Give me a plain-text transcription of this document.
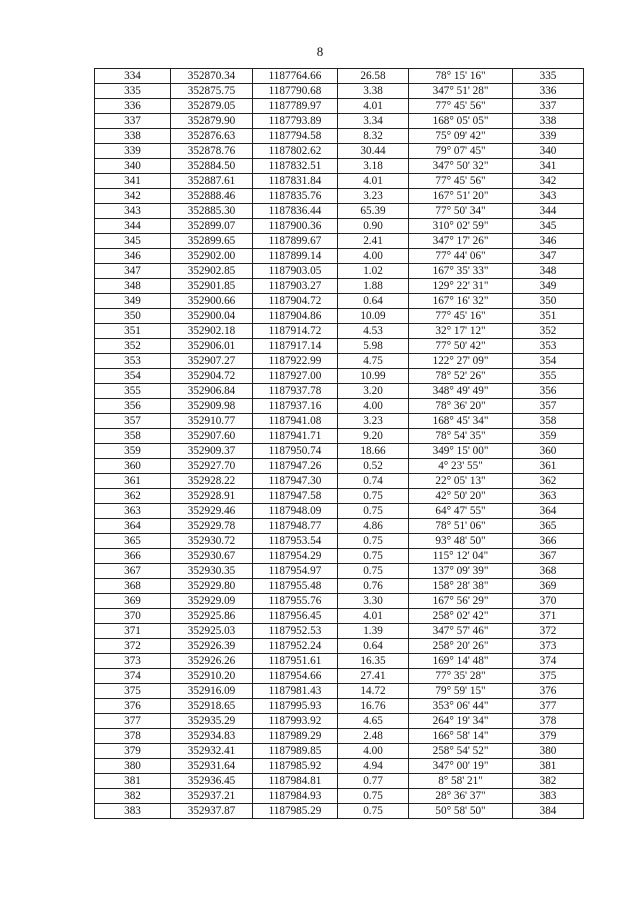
8
334	352870.34	1187764.66	26.58	78° 15' 16"	335
335	352875.75	1187790.68	3.38	347° 51' 28"	336
336	352879.05	1187789.97	4.01	77° 45' 56"	337
337	352879.90	1187793.89	3.34	168° 05' 05"	338
338	352876.63	1187794.58	8.32	75° 09' 42"	339
339	352878.76	1187802.62	30.44	79° 07' 45"	340
340	352884.50	1187832.51	3.18	347° 50' 32"	341
341	352887.61	1187831.84	4.01	77° 45' 56"	342
342	352888.46	1187835.76	3.23	167° 51' 20"	343
343	352885.30	1187836.44	65.39	77° 50' 34"	344
344	352899.07	1187900.36	0.90	310° 02' 59"	345
345	352899.65	1187899.67	2.41	347° 17' 26"	346
346	352902.00	1187899.14	4.00	77° 44' 06"	347
347	352902.85	1187903.05	1.02	167° 35' 33"	348
348	352901.85	1187903.27	1.88	129° 22' 31"	349
349	352900.66	1187904.72	0.64	167° 16' 32"	350
350	352900.04	1187904.86	10.09	77° 45' 16"	351
351	352902.18	1187914.72	4.53	32° 17' 12"	352
352	352906.01	1187917.14	5.98	77° 50' 42"	353
353	352907.27	1187922.99	4.75	122° 27' 09"	354
354	352904.72	1187927.00	10.99	78° 52' 26"	355
355	352906.84	1187937.78	3.20	348° 49' 49"	356
356	352909.98	1187937.16	4.00	78° 36' 20"	357
357	352910.77	1187941.08	3.23	168° 45' 34"	358
358	352907.60	1187941.71	9.20	78° 54' 35"	359
359	352909.37	1187950.74	18.66	349° 15' 00"	360
360	352927.70	1187947.26	0.52	4° 23' 55"	361
361	352928.22	1187947.30	0.74	22° 05' 13"	362
362	352928.91	1187947.58	0.75	42° 50' 20"	363
363	352929.46	1187948.09	0.75	64° 47' 55"	364
364	352929.78	1187948.77	4.86	78° 51' 06"	365
365	352930.72	1187953.54	0.75	93° 48' 50"	366
366	352930.67	1187954.29	0.75	115° 12' 04"	367
367	352930.35	1187954.97	0.75	137° 09' 39"	368
368	352929.80	1187955.48	0.76	158° 28' 38"	369
369	352929.09	1187955.76	3.30	167° 56' 29"	370
370	352925.86	1187956.45	4.01	258° 02' 42"	371
371	352925.03	1187952.53	1.39	347° 57' 46"	372
372	352926.39	1187952.24	0.64	258° 20' 26"	373
373	352926.26	1187951.61	16.35	169° 14' 48"	374
374	352910.20	1187954.66	27.41	77° 35' 28"	375
375	352916.09	1187981.43	14.72	79° 59' 15"	376
376	352918.65	1187995.93	16.76	353° 06' 44"	377
377	352935.29	1187993.92	4.65	264° 19' 34"	378
378	352934.83	1187989.29	2.48	166° 58' 14"	379
379	352932.41	1187989.85	4.00	258° 54' 52"	380
380	352931.64	1187985.92	4.94	347° 00' 19"	381
381	352936.45	1187984.81	0.77	8° 58' 21"	382
382	352937.21	1187984.93	0.75	28° 36' 37"	383
383	352937.87	1187985.29	0.75	50° 58' 50"	384
